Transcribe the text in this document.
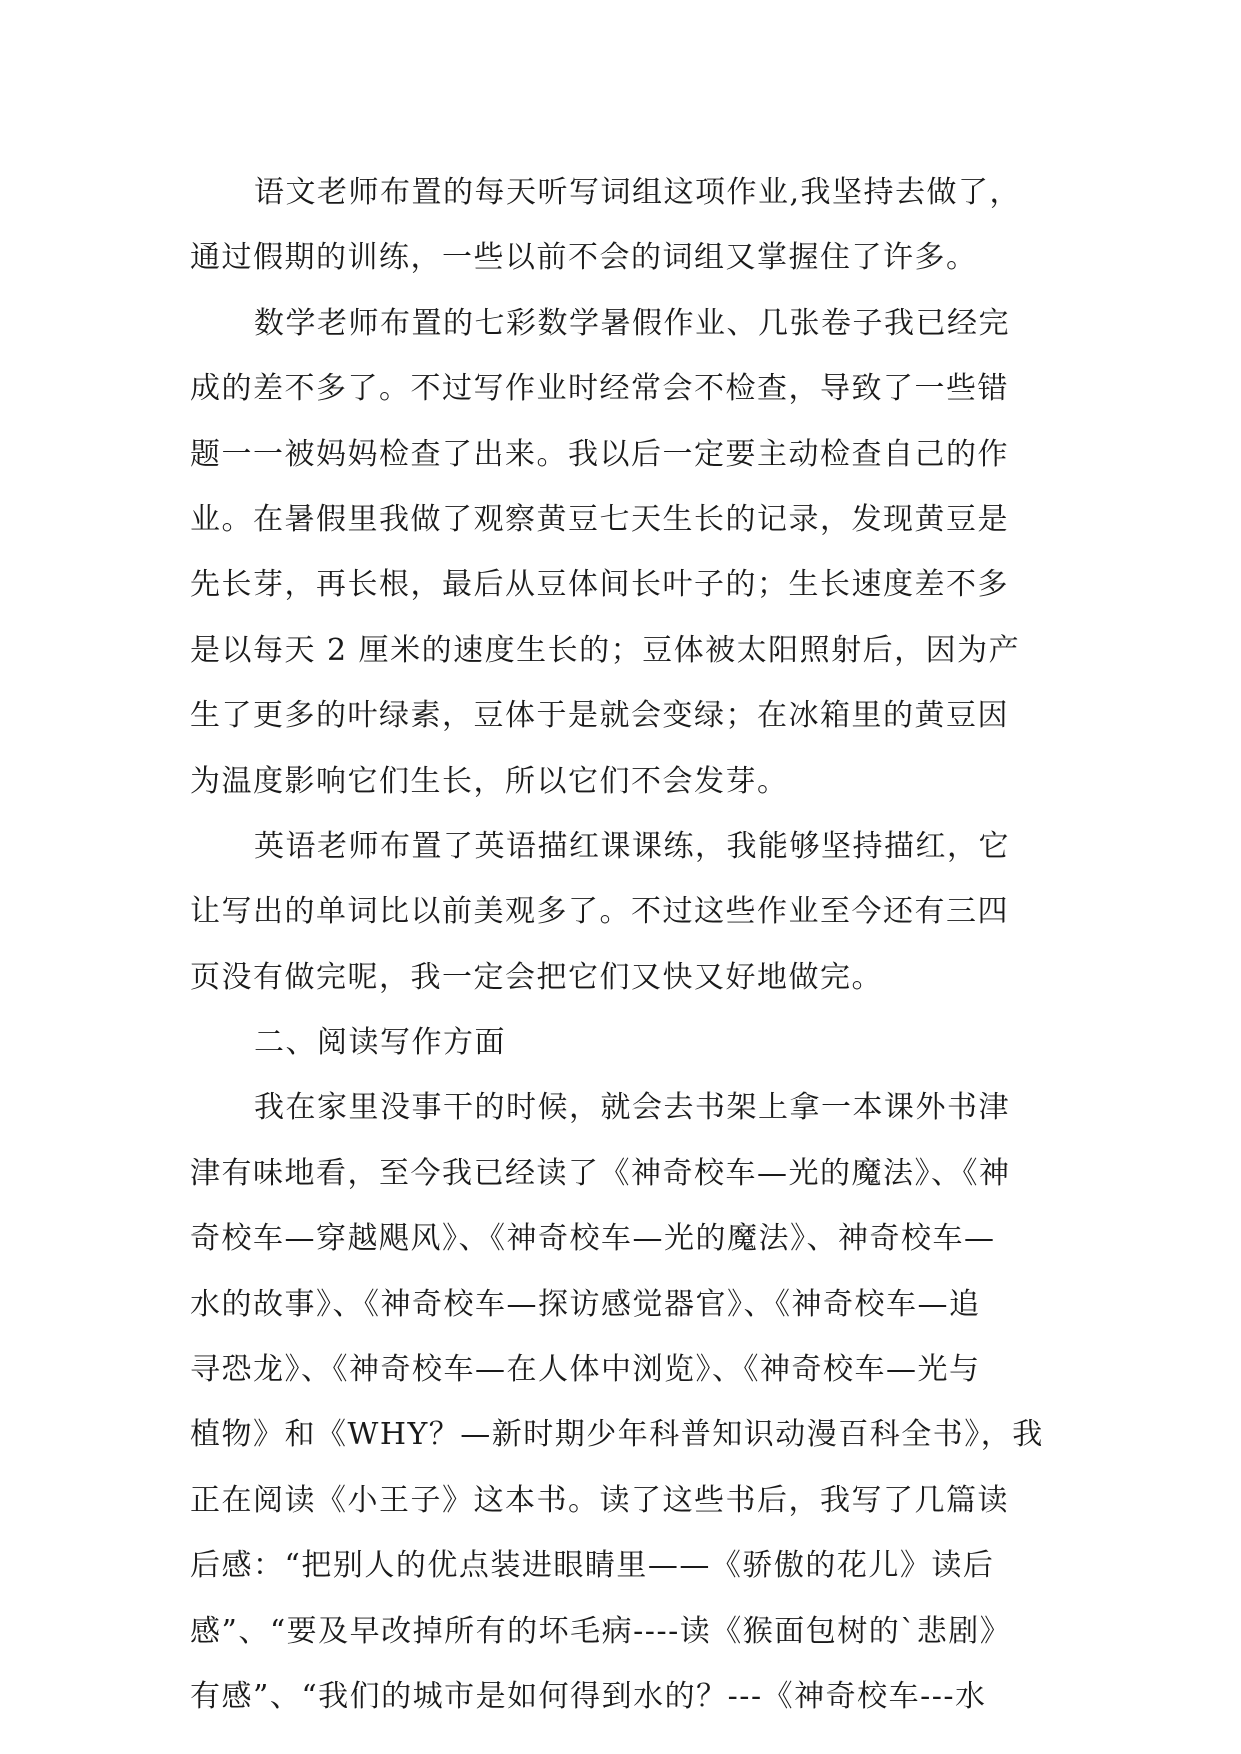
语文老师布置的每天听写词组这项作业,我坚持去做了，
通过假期的训练，一些以前不会的词组又掌握住了许多。
数学老师布置的七彩数学暑假作业、几张卷子我已经完
成的差不多了。不过写作业时经常会不检查，导致了一些错
题一一被妈妈检查了出来。我以后一定要主动检查自己的作
业。在暑假里我做了观察黄豆七天生长的记录，发现黄豆是
先长芽，再长根，最后从豆体间长叶子的；生长速度差不多
是以每天 2 厘米的速度生长的；豆体被太阳照射后，因为产
生了更多的叶绿素，豆体于是就会变绿；在冰箱里的黄豆因
为温度影响它们生长，所以它们不会发芽。
英语老师布置了英语描红课课练，我能够坚持描红，它
让写出的单词比以前美观多了。不过这些作业至今还有三四
页没有做完呢，我一定会把它们又快又好地做完。
二、阅读写作方面
我在家里没事干的时候，就会去书架上拿一本课外书津
津有味地看，至今我已经读了《神奇校车—光的魔法》、《神
奇校车—穿越飓风》、《神奇校车—光的魔法》、神奇校车—
水的故事》、《神奇校车—探访感觉器官》、《神奇校车—追
寻恐龙》、《神奇校车—在人体中浏览》、《神奇校车—光与
植物》和《WHY？—新时期少年科普知识动漫百科全书》，我
正在阅读《小王子》这本书。读了这些书后，我写了几篇读
后感：“把别人的优点装进眼睛里——《骄傲的花儿》读后
感”、“要及早改掉所有的坏毛病----读《猴面包树的`悲剧》
有感”、“我们的城市是如何得到水的？---《神奇校车---水
